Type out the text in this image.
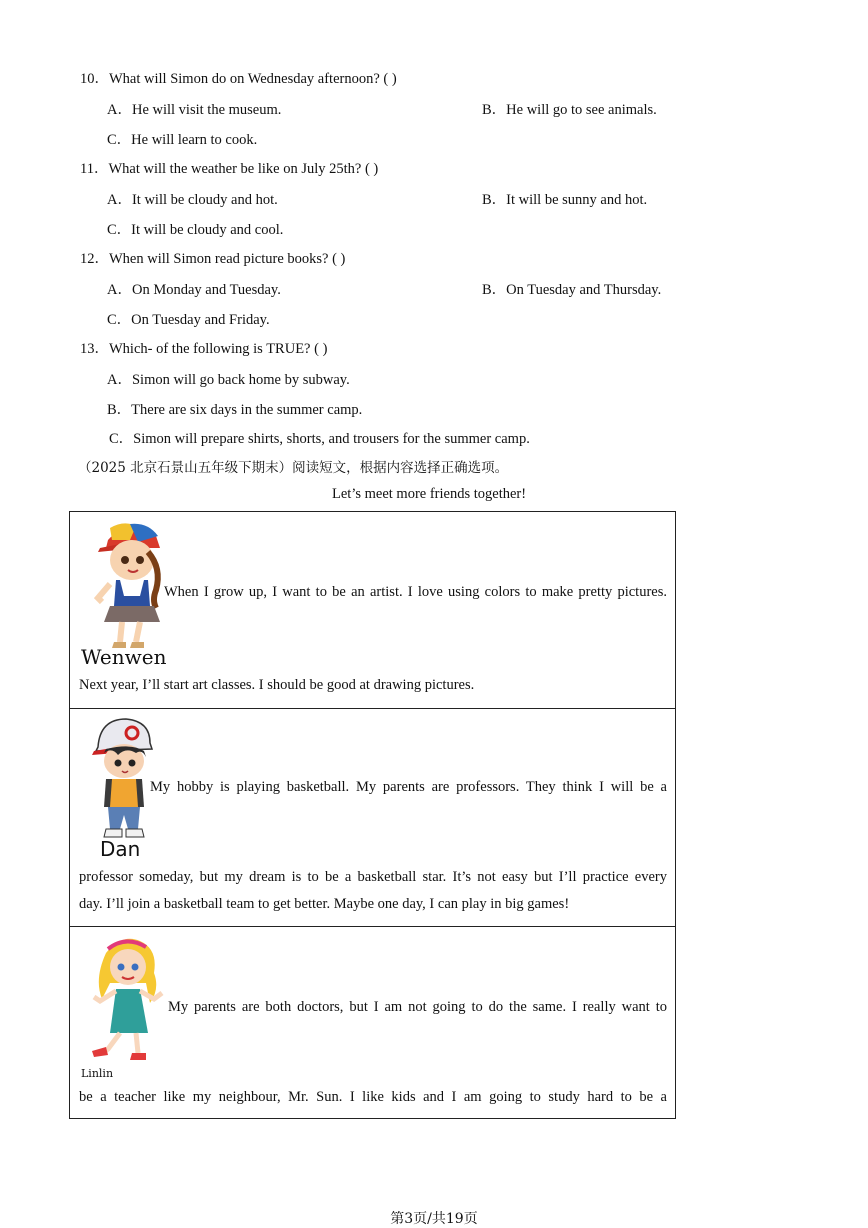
10．What will Simon do on Wednesday afternoon? ( )
A．He will visit the museum.	B．He will go to see animals.
C．He will learn to cook.
11．What will the weather be like on July 25th? ( )
A．It will be cloudy and hot.	B．It will be sunny and hot.
C．It will be cloudy and cool.
12．When will Simon read picture books? ( )
A．On Monday and Tuesday.	B．On Tuesday and Thursday.
C．On Tuesday and Friday.
13．Which- of the following is TRUE? ( )
A．Simon will go back home by subway.
B．There are six days in the summer camp.
C．Simon will prepare shirts, shorts, and trousers for the summer camp.
（2025 北京石景山五年级下期末）阅读短文，根据内容选择正确选项。
Let’s meet more friends together!
Wenwen
When I grow up, I want to be an artist. I love using colors to make pretty pictures.
Next year, I’ll start art classes. I should be good at drawing pictures.
Dan
My hobby is playing basketball. My parents are professors. They think I will be a
professor someday, but my dream is to be a basketball star. It’s not easy but I’ll practice every
day. I’ll join a basketball team to get better. Maybe one day, I can play in big games!
Linlin
My parents are both doctors, but I am not going to do the same. I really want to
be a teacher like my neighbour, Mr. Sun. I like kids and I am going to study hard to be a
第3页/共19页
